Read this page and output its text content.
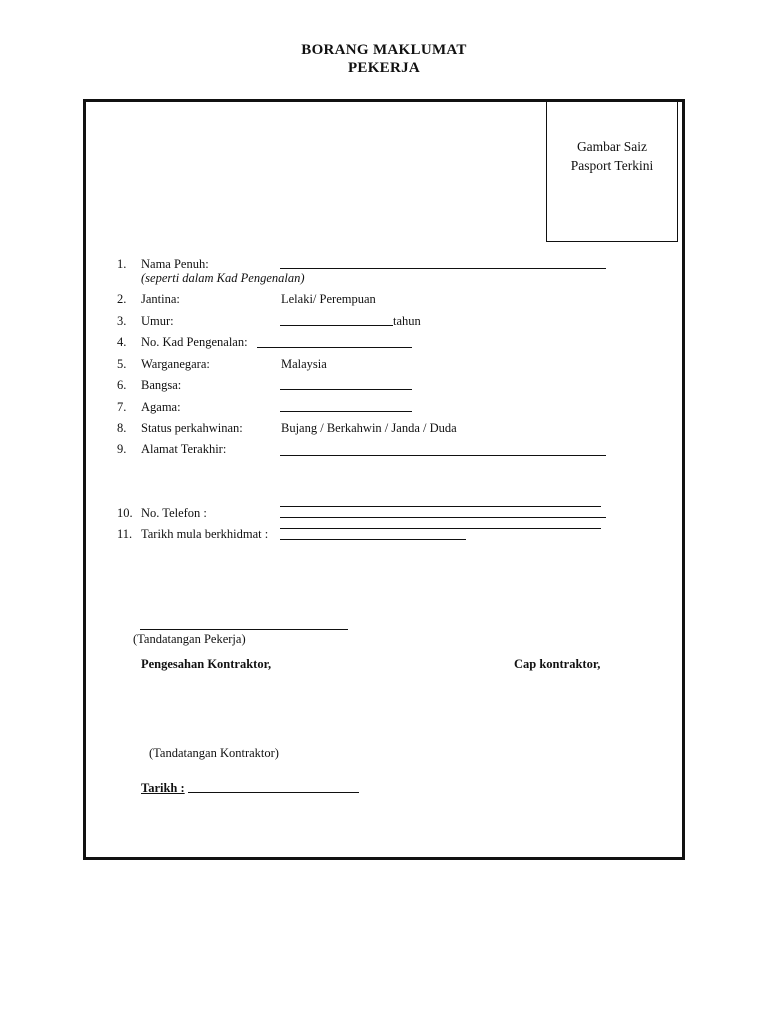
BORANG MAKLUMAT
PEKERJA
Gambar Saiz
Pasport Terkini
1. Nama Penuh:
(seperti dalam Kad Pengenalan)
2. Jantina:	Lelaki/ Perempuan
3. Umur:	tahun
4. No. Kad Pengenalan:
5. Warganegara:	Malaysia
6. Bangsa:
7. Agama:
8. Status perkahwinan:	Bujang / Berkahwin / Janda / Duda
9. Alamat Terakhir:
10. No. Telefon :
11. Tarikh mula berkhidmat :
(Tandatangan Pekerja)
Pengesahan Kontraktor,	Cap kontraktor,
(Tandatangan Kontraktor)
Tarikh :
